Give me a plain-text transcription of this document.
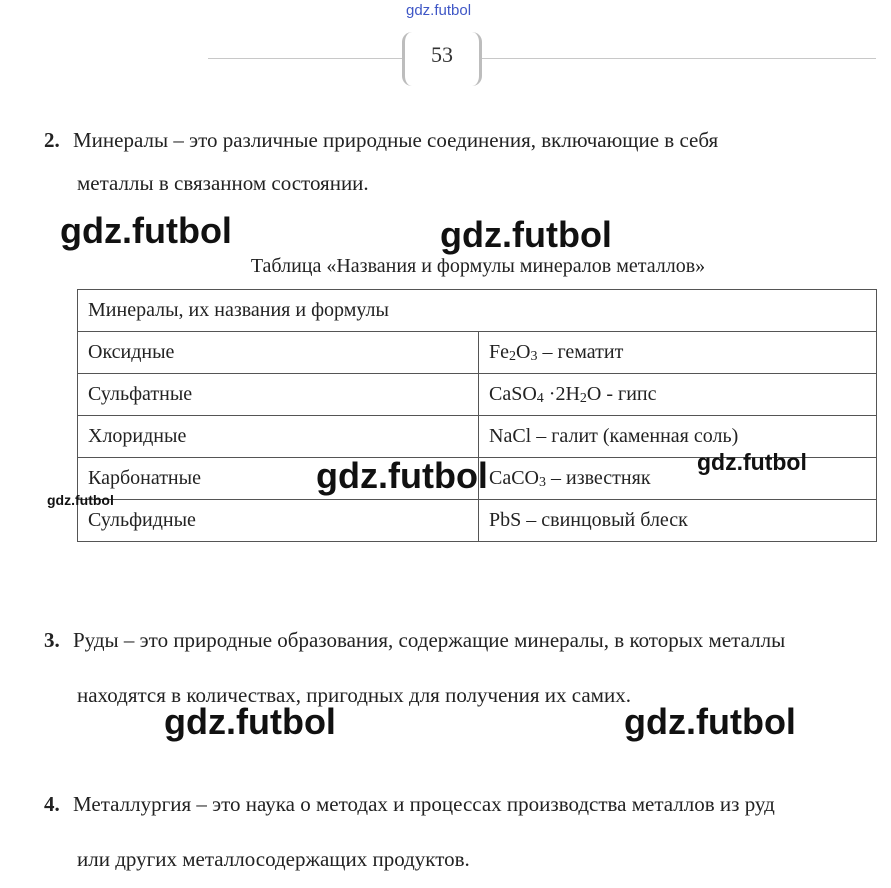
53
2. Минералы – это различные природные соединения, включающие в себя
металлы в связанном состоянии.
Таблица «Названия и формулы минералов металлов»
Минералы, их названия и формулы	
Оксидные	$Fe_2O_3$ – гематит
Сульфатные	CaSO$_4$ $\cdot 2H_2O$ - гипс
Хлоридные	NaCl – галит (каменная соль)
Карбонатные	CaCO$_3$ – известняк
Сульфидные	PbS – свинцовый блеск
3. Руды – это природные образования, содержащие минералы, в которых металлы
находятся в количествах, пригодных для получения их самих.
4. Металлургия – это наука о методах и процессах производства металлов из руд
или других металлосодержащих продуктов.
gdz.futbol
gdz.futbol	gdz.futbol
gdz.futbol	gdz.futbol
gdz.futbol
gdz.futbol	gdz.futbol
